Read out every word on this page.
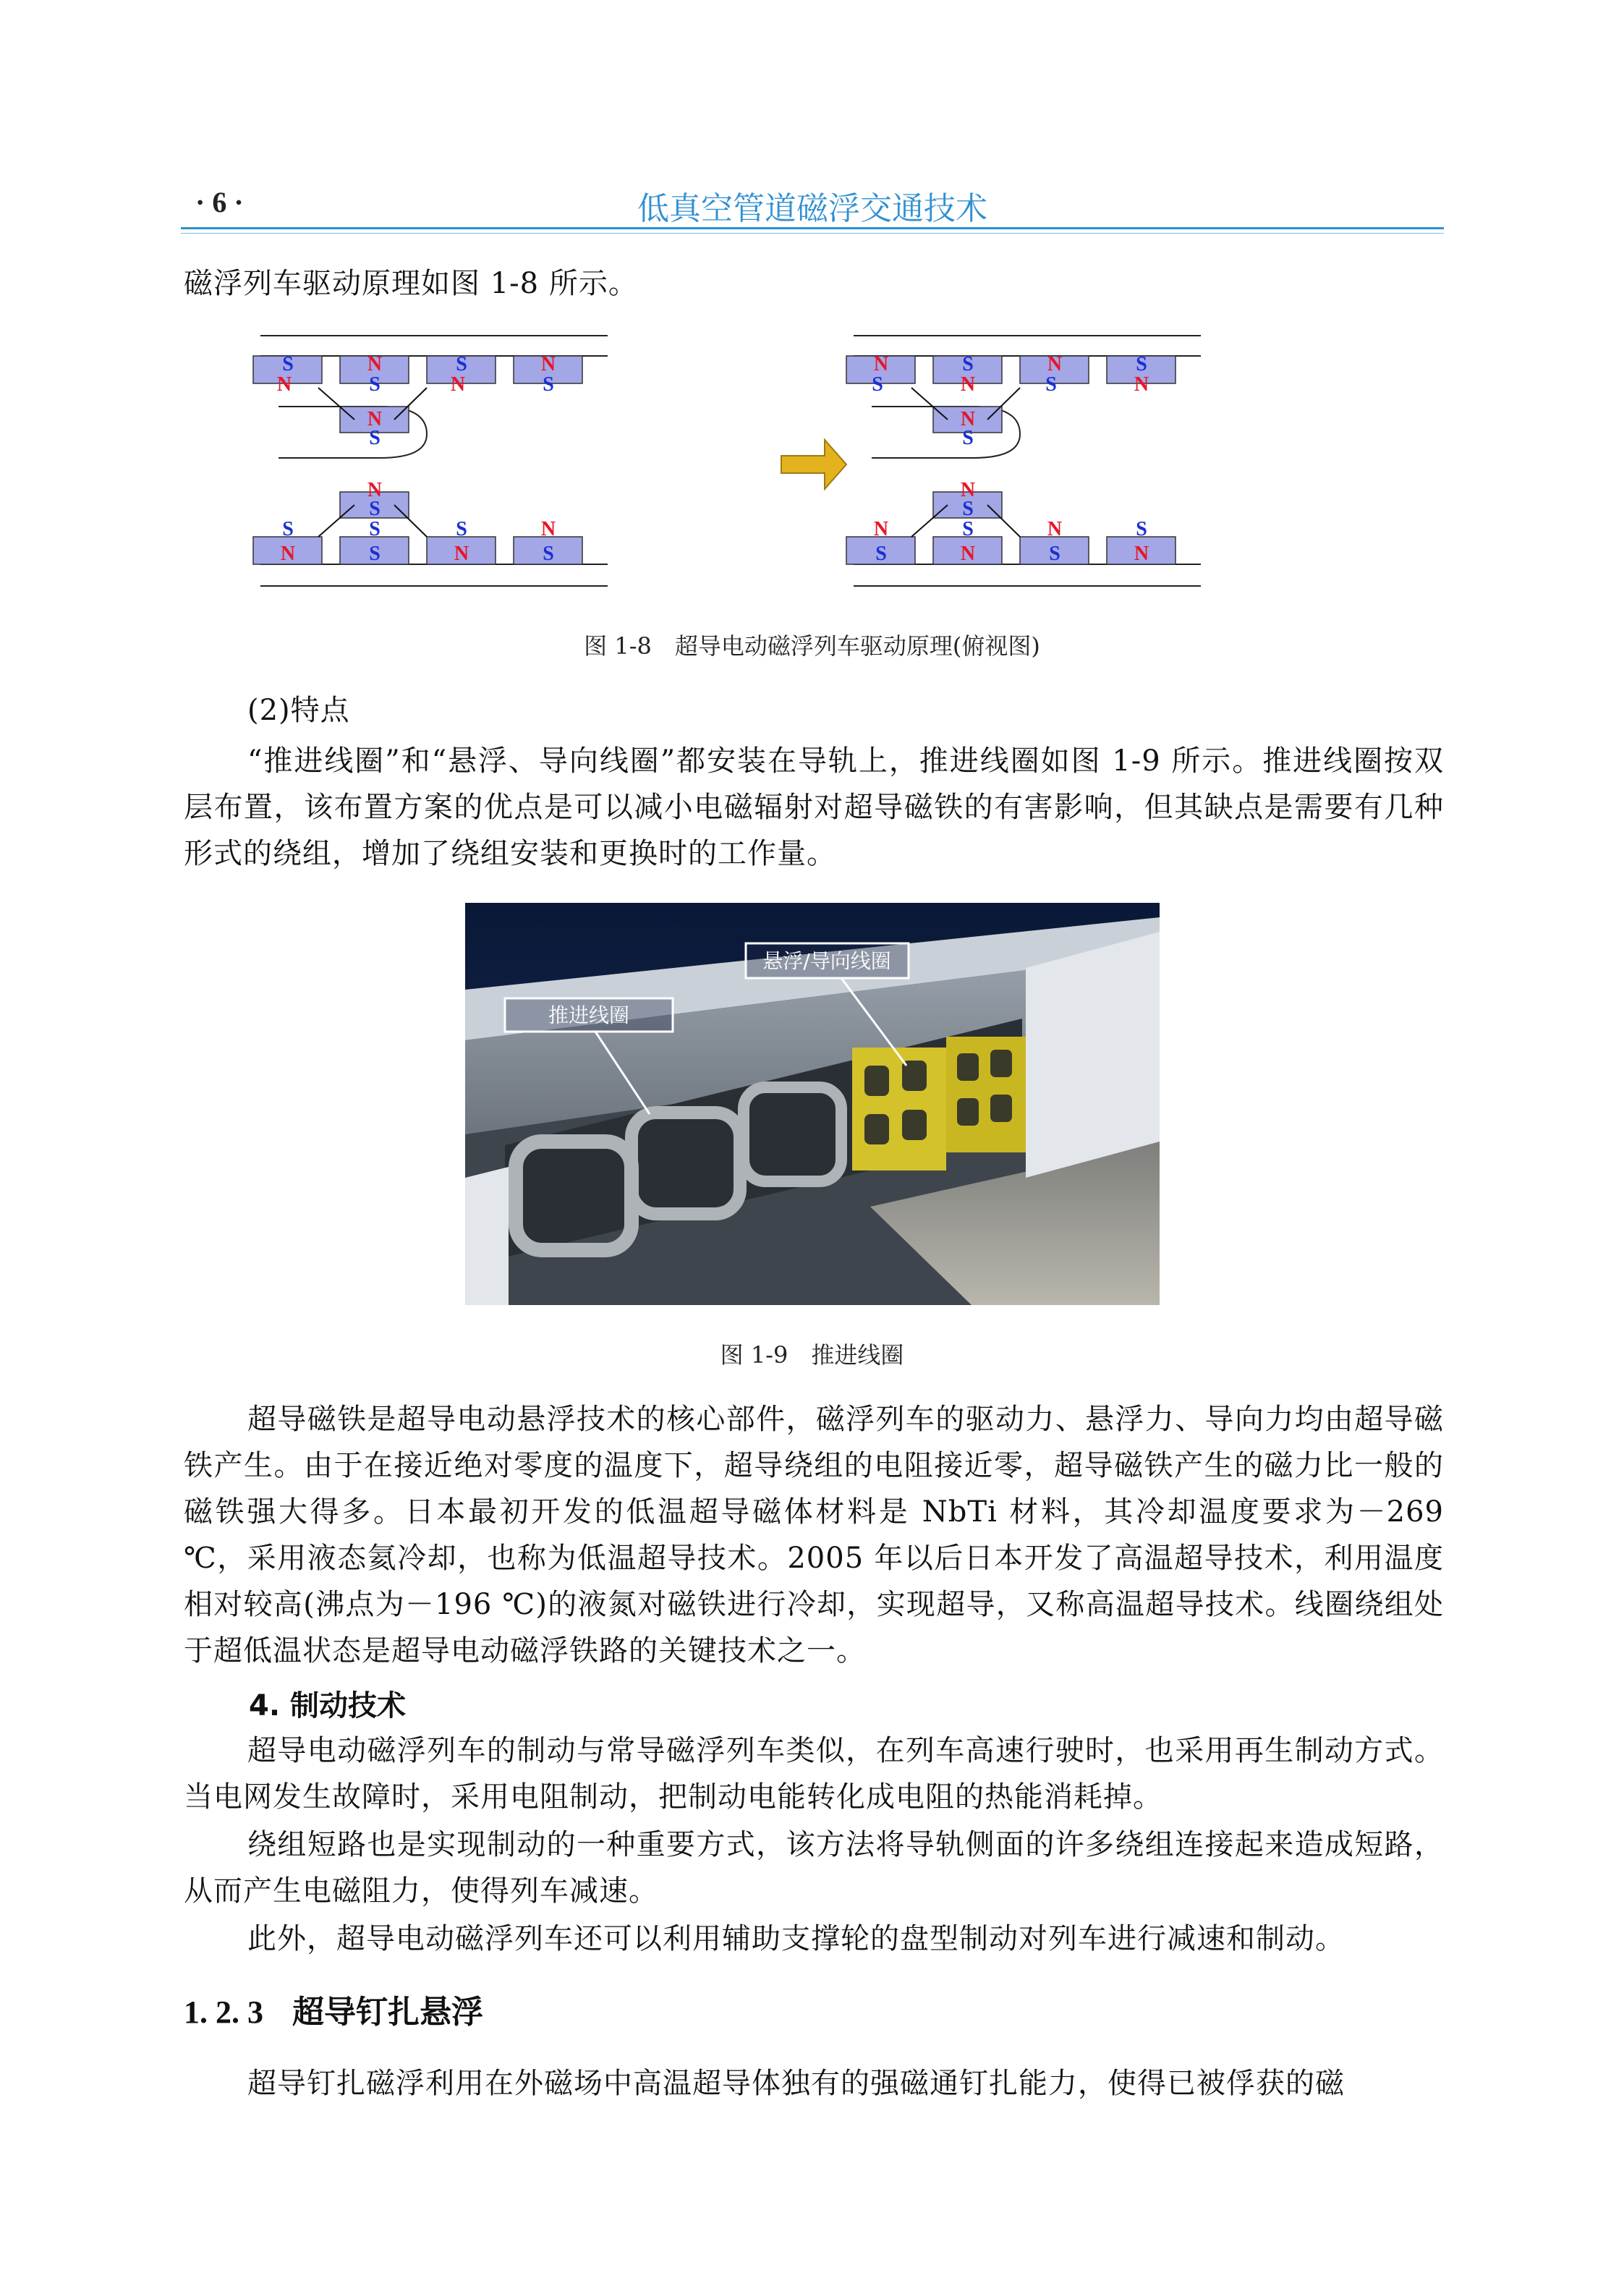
· 6 ·	低真空管道磁浮交通技术

磁浮列车驱动原理如图 1-8 所示。

S	N	S	N
N	S	N	S
N
S
N
S
S	S	S	N
N	S	N	S
N	S	N	S
S	N	S	N
N
S
N
S
N	S	N	S
S	N	S	N
图 1-8　超导电动磁浮列车驱动原理(俯视图)

(2)特点

“推进线圈”和“悬浮、导向线圈”都安装在导轨上，推进线圈如图 1-9 所示。推进线圈按双层布置，该布置方案的优点是可以减小电磁辐射对超导磁铁的有害影响，但其缺点是需要有几种形式的绕组，增加了绕组安装和更换时的工作量。

悬浮/导向线圈
推进线圈
图 1-9　推进线圈

超导磁铁是超导电动悬浮技术的核心部件，磁浮列车的驱动力、悬浮力、导向力均由超导磁铁产生。由于在接近绝对零度的温度下，超导绕组的电阻接近零，超导磁铁产生的磁力比一般的磁铁强大得多。日本最初开发的低温超导磁体材料是 NbTi 材料，其冷却温度要求为－269 ℃，采用液态氦冷却，也称为低温超导技术。2005 年以后日本开发了高温超导技术，利用温度相对较高(沸点为－196 ℃)的液氮对磁铁进行冷却，实现超导，又称高温超导技术。线圈绕组处于超低温状态是超导电动磁浮铁路的关键技术之一。

4. 制动技术

超导电动磁浮列车的制动与常导磁浮列车类似，在列车高速行驶时，也采用再生制动方式。当电网发生故障时，采用电阻制动，把制动电能转化成电阻的热能消耗掉。

绕组短路也是实现制动的一种重要方式，该方法将导轨侧面的许多绕组连接起来造成短路，从而产生电磁阻力，使得列车减速。

此外，超导电动磁浮列车还可以利用辅助支撑轮的盘型制动对列车进行减速和制动。

1. 2. 3 超导钉扎悬浮

超导钉扎磁浮利用在外磁场中高温超导体独有的强磁通钉扎能力，使得已被俘获的磁
